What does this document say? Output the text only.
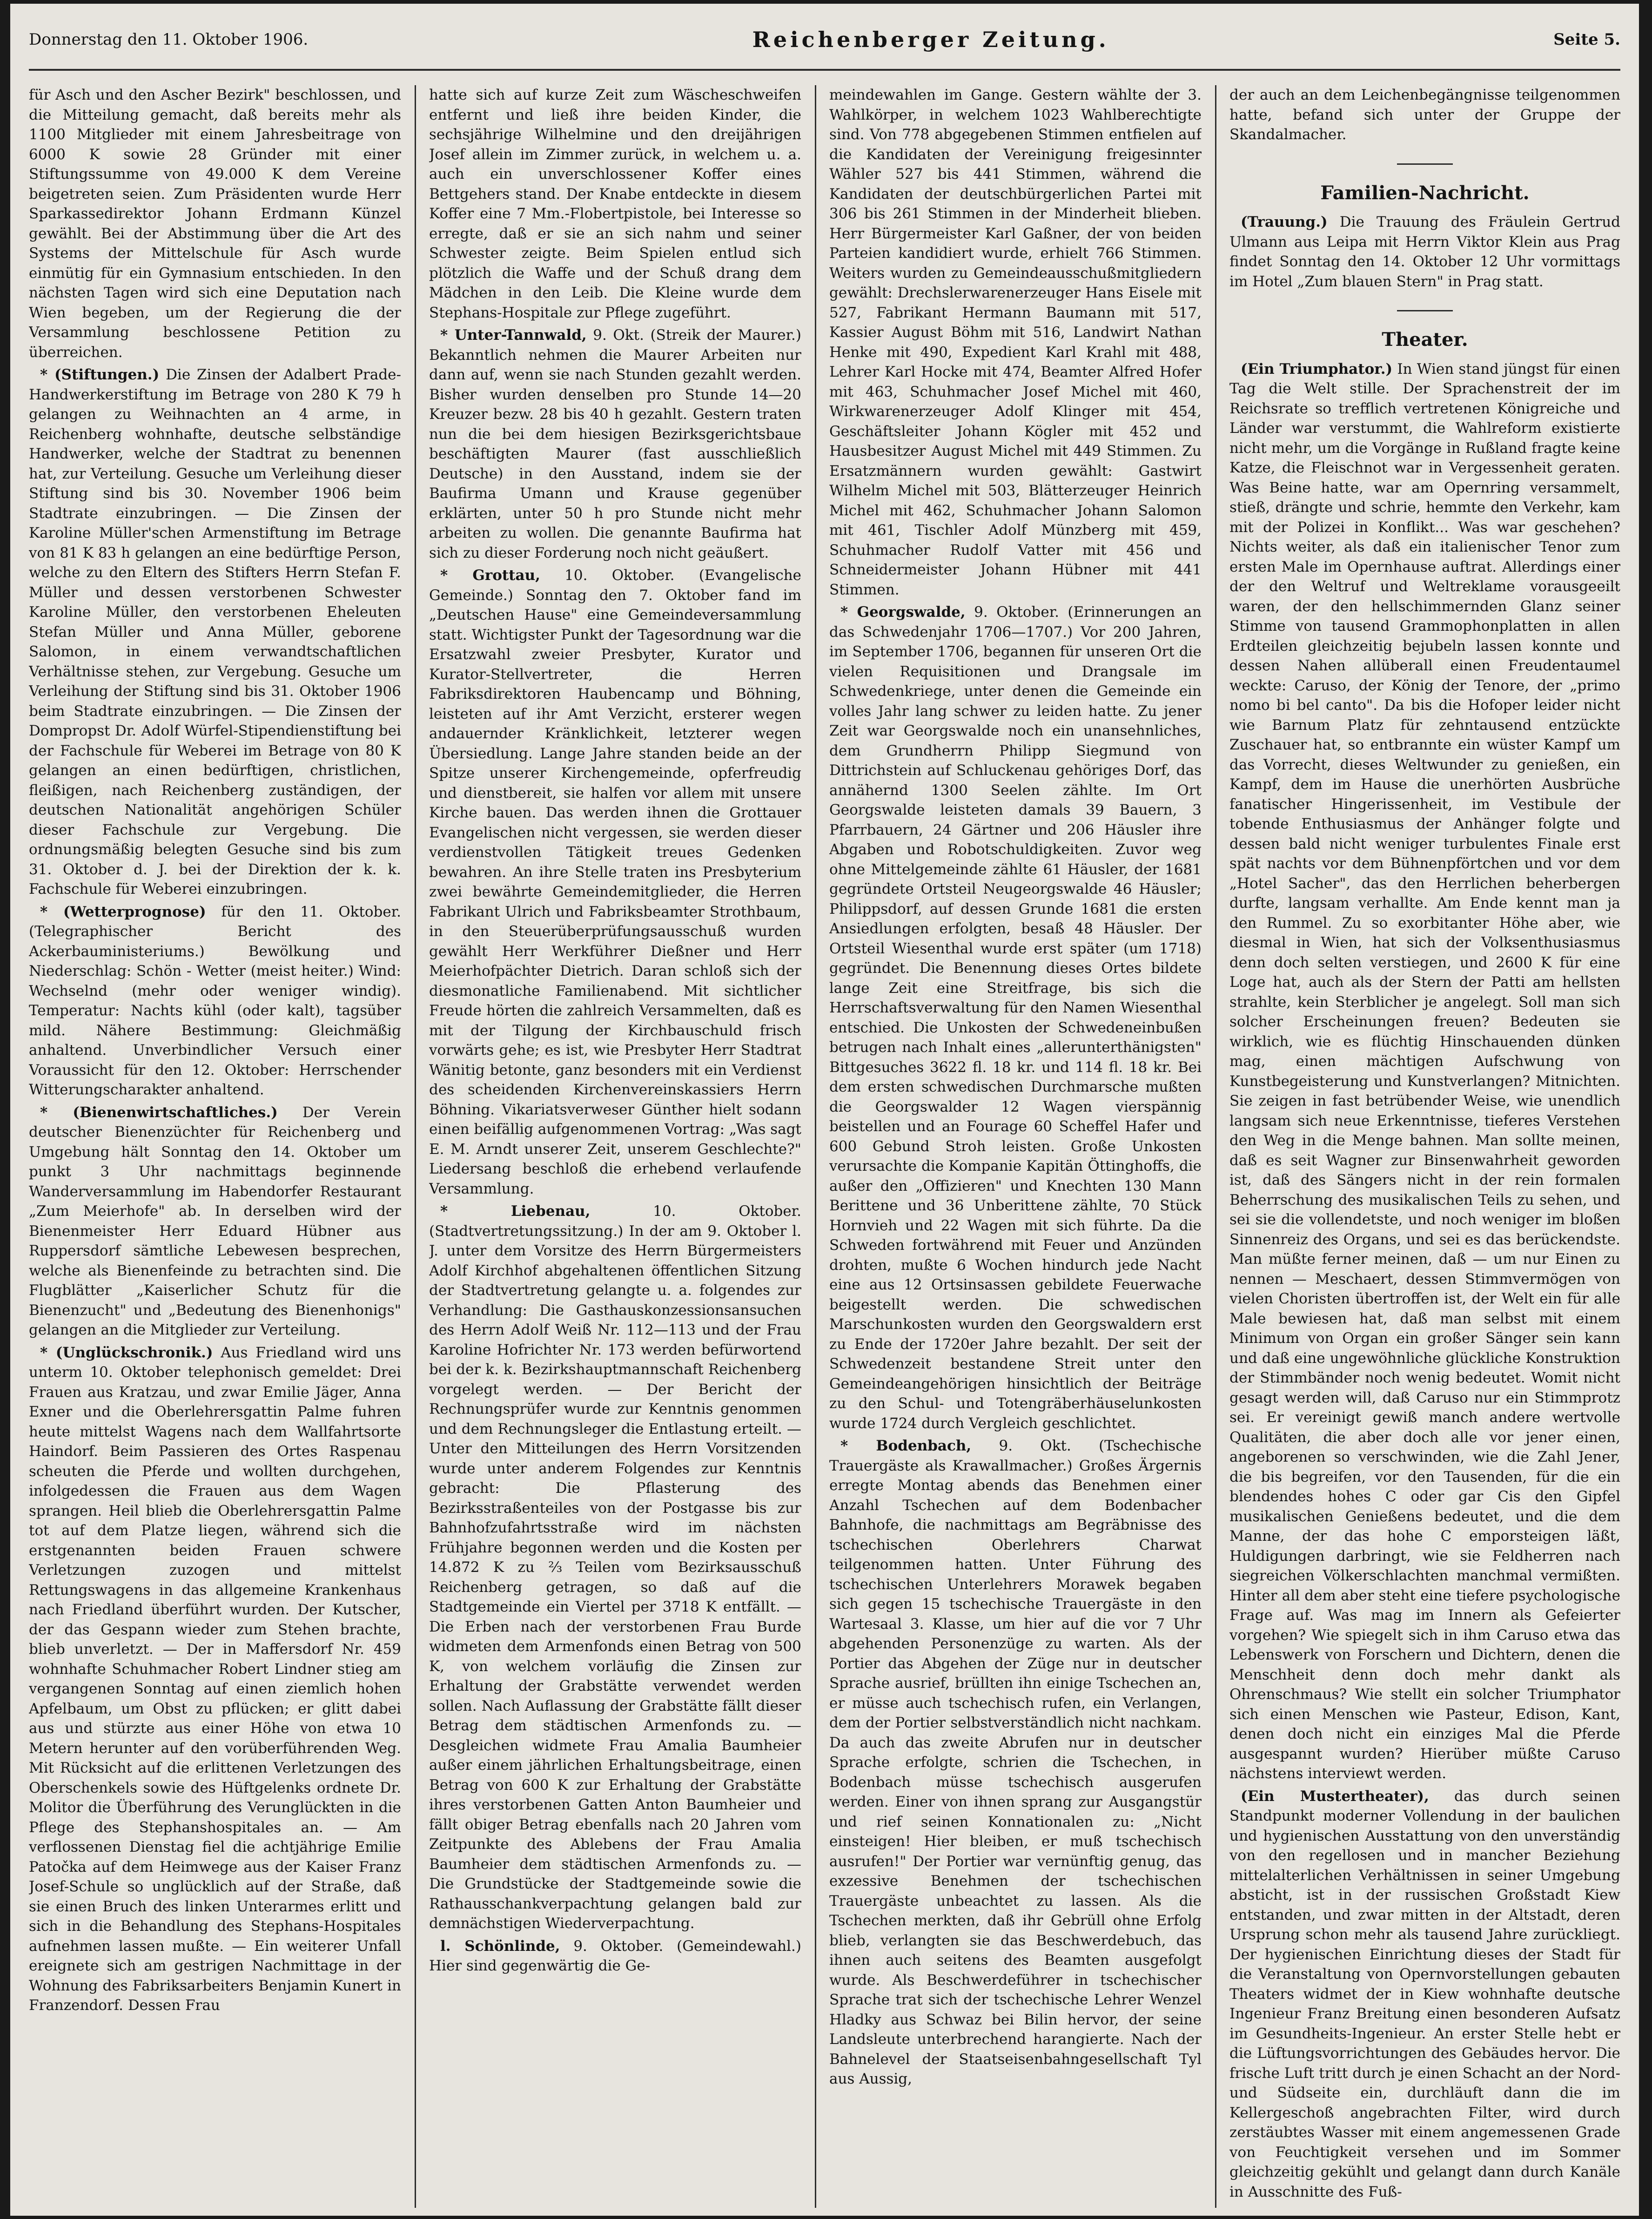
Donnerstag den 11. Oktober 1906.	Reichenberger Zeitung.	Seite 5.

für Asch und den Ascher Bezirk" beschlossen, und die Mitteilung gemacht, daß bereits mehr als 1100 Mitglieder mit einem Jahresbeitrage von 6000 K sowie 28 Gründer mit einer Stiftungssumme von 49.000 K dem Vereine beigetreten seien. Zum Präsidenten wurde Herr Sparkassedirektor Johann Erdmann Künzel gewählt. Bei der Abstimmung über die Art des Systems der Mittelschule für Asch wurde einmütig für ein Gymnasium entschieden. In den nächsten Tagen wird sich eine Deputation nach Wien begeben, um der Regierung die der Versammlung beschlossene Petition zu überreichen.

* (Stiftungen.) Die Zinsen der Adalbert Prade-Handwerkerstiftung im Betrage von 280 K 79 h gelangen zu Weihnachten an 4 arme, in Reichenberg wohnhafte, deutsche selbständige Handwerker, welche der Stadtrat zu benennen hat, zur Verteilung. Gesuche um Verleihung dieser Stiftung sind bis 30. November 1906 beim Stadtrate einzubringen. — Die Zinsen der Karoline Müller'schen Armenstiftung im Betrage von 81 K 83 h gelangen an eine bedürftige Person, welche zu den Eltern des Stifters Herrn Stefan F. Müller und dessen verstorbenen Schwester Karoline Müller, den verstorbenen Eheleuten Stefan Müller und Anna Müller, geborene Salomon, in einem verwandtschaftlichen Verhältnisse stehen, zur Vergebung. Gesuche um Verleihung der Stiftung sind bis 31. Oktober 1906 beim Stadtrate einzubringen. — Die Zinsen der Dompropst Dr. Adolf Würfel-Stipendienstiftung bei der Fachschule für Weberei im Betrage von 80 K gelangen an einen bedürftigen, christlichen, fleißigen, nach Reichenberg zuständigen, der deutschen Nationalität angehörigen Schüler dieser Fachschule zur Vergebung. Die ordnungsmäßig belegten Gesuche sind bis zum 31. Oktober d. J. bei der Direktion der k. k. Fachschule für Weberei einzubringen.

* (Wetterprognose) für den 11. Oktober. (Telegraphischer Bericht des Ackerbauministeriums.) Bewölkung und Niederschlag: Schön - Wetter (meist heiter.) Wind: Wechselnd (mehr oder weniger windig). Temperatur: Nachts kühl (oder kalt), tagsüber mild. Nähere Bestimmung: Gleichmäßig anhaltend. Unverbindlicher Versuch einer Voraussicht für den 12. Oktober: Herrschender Witterungscharakter anhaltend.

* (Bienenwirtschaftliches.) Der Verein deutscher Bienenzüchter für Reichenberg und Umgebung hält Sonntag den 14. Oktober um punkt 3 Uhr nachmittags beginnende Wanderversammlung im Habendorfer Restaurant „Zum Meierhofe" ab. In derselben wird der Bienenmeister Herr Eduard Hübner aus Ruppersdorf sämtliche Lebewesen besprechen, welche als Bienenfeinde zu betrachten sind. Die Flugblätter „Kaiserlicher Schutz für die Bienenzucht" und „Bedeutung des Bienenhonigs" gelangen an die Mitglieder zur Verteilung.

* (Unglückschronik.) Aus Friedland wird uns unterm 10. Oktober telephonisch gemeldet: Drei Frauen aus Kratzau, und zwar Emilie Jäger, Anna Exner und die Oberlehrersgattin Palme fuhren heute mittelst Wagens nach dem Wallfahrtsorte Haindorf. Beim Passieren des Ortes Raspenau scheuten die Pferde und wollten durchgehen, infolgedessen die Frauen aus dem Wagen sprangen. Heil blieb die Oberlehrersgattin Palme tot auf dem Platze liegen, während sich die erstgenannten beiden Frauen schwere Verletzungen zuzogen und mittelst Rettungswagens in das allgemeine Krankenhaus nach Friedland überführt wurden. Der Kutscher, der das Gespann wieder zum Stehen brachte, blieb unverletzt. — Der in Maffersdorf Nr. 459 wohnhafte Schuhmacher Robert Lindner stieg am vergangenen Sonntag auf einen ziemlich hohen Apfelbaum, um Obst zu pflücken; er glitt dabei aus und stürzte aus einer Höhe von etwa 10 Metern herunter auf den vorüberführenden Weg. Mit Rücksicht auf die erlittenen Verletzungen des Oberschenkels sowie des Hüftgelenks ordnete Dr. Molitor die Überführung des Verunglückten in die Pflege des Stephanshospitales an. — Am verflossenen Dienstag fiel die achtjährige Emilie Patočka auf dem Heimwege aus der Kaiser Franz Josef-Schule so unglücklich auf der Straße, daß sie einen Bruch des linken Unterarmes erlitt und sich in die Behandlung des Stephans-Hospitales aufnehmen lassen mußte. — Ein weiterer Unfall ereignete sich am gestrigen Nachmittage in der Wohnung des Fabriksarbeiters Benjamin Kunert in Franzendorf. Dessen Frau

hatte sich auf kurze Zeit zum Wäscheschweifen entfernt und ließ ihre beiden Kinder, die sechsjährige Wilhelmine und den dreijährigen Josef allein im Zimmer zurück, in welchem u. a. auch ein unverschlossener Koffer eines Bettgehers stand. Der Knabe entdeckte in diesem Koffer eine 7 Mm.-Flobertpistole, bei Interesse so erregte, daß er sie an sich nahm und seiner Schwester zeigte. Beim Spielen entlud sich plötzlich die Waffe und der Schuß drang dem Mädchen in den Leib. Die Kleine wurde dem Stephans-Hospitale zur Pflege zugeführt.

* Unter-Tannwald, 9. Okt. (Streik der Maurer.) Bekanntlich nehmen die Maurer Arbeiten nur dann auf, wenn sie nach Stunden gezahlt werden. Bisher wurden denselben pro Stunde 14—20 Kreuzer bezw. 28 bis 40 h gezahlt. Gestern traten nun die bei dem hiesigen Bezirksgerichtsbaue beschäftigten Maurer (fast ausschließlich Deutsche) in den Ausstand, indem sie der Baufirma Umann und Krause gegenüber erklärten, unter 50 h pro Stunde nicht mehr arbeiten zu wollen. Die genannte Baufirma hat sich zu dieser Forderung noch nicht geäußert.

* Grottau, 10. Oktober. (Evangelische Gemeinde.) Sonntag den 7. Oktober fand im „Deutschen Hause" eine Gemeindeversammlung statt. Wichtigster Punkt der Tagesordnung war die Ersatzwahl zweier Presbyter, Kurator und Kurator-Stellvertreter, die Herren Fabriksdirektoren Haubencamp und Böhning, leisteten auf ihr Amt Verzicht, ersterer wegen andauernder Kränklichkeit, letzterer wegen Übersiedlung. Lange Jahre standen beide an der Spitze unserer Kirchengemeinde, opferfreudig und dienstbereit, sie halfen vor allem mit unsere Kirche bauen. Das werden ihnen die Grottauer Evangelischen nicht vergessen, sie werden dieser verdienstvollen Tätigkeit treues Gedenken bewahren. An ihre Stelle traten ins Presbyterium zwei bewährte Gemeindemitglieder, die Herren Fabrikant Ulrich und Fabriksbeamter Strothbaum, in den Steuerüberprüfungsausschuß wurden gewählt Herr Werkführer Dießner und Herr Meierhofpächter Dietrich. Daran schloß sich der diesmonatliche Familienabend. Mit sichtlicher Freude hörten die zahlreich Versammelten, daß es mit der Tilgung der Kirchbauschuld frisch vorwärts gehe; es ist, wie Presbyter Herr Stadtrat Wänitig betonte, ganz besonders mit ein Verdienst des scheidenden Kirchenvereinskassiers Herrn Böhning. Vikariatsverweser Günther hielt sodann einen beifällig aufgenommenen Vortrag: „Was sagt E. M. Arndt unserer Zeit, unserem Geschlechte?" Liedersang beschloß die erhebend verlaufende Versammlung.

* Liebenau,	10. Oktober. (Stadtvertretungssitzung.) In der am 9. Oktober l. J. unter dem Vorsitze des Herrn Bürgermeisters Adolf Kirchhof abgehaltenen öffentlichen Sitzung der Stadtvertretung gelangte u. a. folgendes zur Verhandlung: Die Gasthauskonzessionsansuchen des Herrn Adolf Weiß Nr. 112—113 und der Frau Karoline Hofrichter Nr. 173 werden befürwortend bei der k. k. Bezirkshauptmannschaft Reichenberg vorgelegt werden. — Der Bericht der Rechnungsprüfer wurde zur Kenntnis genommen und dem Rechnungsleger die Entlastung erteilt. — Unter den Mitteilungen des Herrn Vorsitzenden wurde unter anderem Folgendes zur Kenntnis gebracht: Die Pflasterung des Bezirksstraßenteiles von der Postgasse bis zur Bahnhofzufahrtsstraße wird im nächsten Frühjahre begonnen werden und die Kosten per 14.872 K zu ⅔ Teilen vom Bezirksausschuß Reichenberg getragen, so daß auf die Stadtgemeinde ein Viertel per 3718 K entfällt. — Die Erben nach der verstorbenen Frau Burde widmeten dem Armenfonds einen Betrag von 500 K, von welchem vorläufig die Zinsen zur Erhaltung der Grabstätte verwendet werden sollen. Nach Auflassung der Grabstätte fällt dieser Betrag dem städtischen Armenfonds zu. — Desgleichen widmete Frau Amalia Baumheier außer einem jährlichen Erhaltungsbeitrage, einen Betrag von 600 K zur Erhaltung der Grabstätte ihres verstorbenen Gatten Anton Baumheier und fällt obiger Betrag ebenfalls nach 20 Jahren vom Zeitpunkte des Ablebens der Frau Amalia Baumheier dem städtischen Armenfonds zu. — Die Grundstücke der Stadtgemeinde sowie die Rathausschankverpachtung gelangen bald zur demnächstigen Wiederverpachtung.

l. Schönlinde, 9. Oktober. (Gemeindewahl.) Hier sind gegenwärtig die Ge-

meindewahlen im Gange. Gestern wählte der 3. Wahlkörper, in welchem 1023 Wahlberechtigte sind. Von 778 abgegebenen Stimmen entfielen auf die Kandidaten der Vereinigung freigesinnter Wähler 527 bis 441 Stimmen, während die Kandidaten der deutschbürgerlichen Partei mit 306 bis 261 Stimmen in der Minderheit blieben. Herr Bürgermeister Karl Gaßner, der von beiden Parteien kandidiert wurde, erhielt 766 Stimmen. Weiters wurden zu Gemeindeausschußmitgliedern gewählt: Drechslerwarenerzeuger Hans Eisele mit 527, Fabrikant Hermann Baumann mit 517, Kassier August Böhm mit 516, Landwirt Nathan Henke mit 490, Expedient Karl Krahl mit 488, Lehrer Karl Hocke mit 474, Beamter Alfred Hofer mit 463, Schuhmacher Josef Michel mit 460, Wirkwarenerzeuger Adolf Klinger mit 454, Geschäftsleiter Johann Kögler mit 452 und Hausbesitzer August Michel mit 449 Stimmen. Zu Ersatzmännern wurden gewählt: Gastwirt Wilhelm Michel mit 503, Blätterzeuger Heinrich Michel mit 462, Schuhmacher Johann Salomon mit 461, Tischler Adolf Münzberg mit 459, Schuhmacher Rudolf Vatter mit 456 und Schneidermeister Johann Hübner mit 441 Stimmen.

* Georgswalde, 9. Oktober. (Erinnerungen an das Schwedenjahr 1706—1707.) Vor 200 Jahren, im September 1706, begannen für unseren Ort die vielen Requisitionen und Drangsale im Schwedenkriege, unter denen die Gemeinde ein volles Jahr lang schwer zu leiden hatte. Zu jener Zeit war Georgswalde noch ein unansehnliches, dem Grundherrn Philipp Siegmund von Dittrichstein auf Schluckenau gehöriges Dorf, das annähernd 1300 Seelen zählte. Im Ort Georgswalde leisteten damals 39 Bauern, 3 Pfarrbauern, 24 Gärtner und 206 Häusler ihre Abgaben und Robotschuldigkeiten. Zuvor weg ohne Mittelgemeinde zählte 61 Häusler, der 1681 gegründete Ortsteil Neugeorgswalde 46 Häusler; Philippsdorf, auf dessen Grunde 1681 die ersten Ansiedlungen erfolgten, besaß 48 Häusler. Der Ortsteil Wiesenthal wurde erst später (um 1718) gegründet. Die Benennung dieses Ortes bildete lange Zeit eine Streitfrage, bis sich die Herrschaftsverwaltung für den Namen Wiesenthal entschied. Die Unkosten der Schwedeneinbußen betrugen nach Inhalt eines „allerunterthänigsten" Bittgesuches 3622 fl. 18 kr. und 114 fl. 18 kr. Bei dem ersten schwedischen Durchmarsche mußten die Georgswalder 12 Wagen vierspännig beistellen und an Fourage 60 Scheffel Hafer und 600 Gebund Stroh leisten. Große Unkosten verursachte die Kompanie Kapitän Öttinghoffs, die außer den „Offizieren" und Knechten 130 Mann Berittene und 36 Unberittene zählte, 70 Stück Hornvieh und 22 Wagen mit sich führte. Da die Schweden fortwährend mit Feuer und Anzünden drohten, mußte 6 Wochen hindurch jede Nacht eine aus 12 Ortsinsassen gebildete Feuerwache beigestellt werden. Die schwedischen Marschunkosten wurden den Georgswaldern erst zu Ende der 1720er Jahre bezahlt. Der seit der Schwedenzeit bestandene Streit unter den Gemeindeangehörigen hinsichtlich der Beiträge zu den Schul- und Totengräberhäuselunkosten wurde 1724 durch Vergleich geschlichtet.

* Bodenbach, 9. Okt. (Tschechische Trauergäste als Krawallmacher.) Großes Ärgernis erregte Montag abends das Benehmen einer Anzahl Tschechen auf dem Bodenbacher Bahnhofe, die nachmittags am Begräbnisse des tschechischen Oberlehrers Charwat teilgenommen hatten. Unter Führung des tschechischen Unterlehrers Morawek begaben sich gegen 15 tschechische Trauergäste in den Wartesaal 3. Klasse, um hier auf die vor 7 Uhr abgehenden Personenzüge zu warten. Als der Portier das Abgehen der Züge nur in deutscher Sprache ausrief, brüllten ihn einige Tschechen an, er müsse auch tschechisch rufen, ein Verlangen, dem der Portier selbstverständlich nicht nachkam. Da auch das zweite Abrufen nur in deutscher Sprache erfolgte, schrien die Tschechen, in Bodenbach müsse tschechisch ausgerufen werden. Einer von ihnen sprang zur Ausgangstür und rief seinen Konnationalen zu: „Nicht einsteigen! Hier bleiben, er muß tschechisch ausrufen!" Der Portier war vernünftig genug, das exzessive Benehmen der tschechischen Trauergäste unbeachtet zu lassen. Als die Tschechen merkten, daß ihr Gebrüll ohne Erfolg blieb, verlangten sie das Beschwerdebuch, das ihnen auch seitens des Beamten ausgefolgt wurde. Als Beschwerdeführer in tschechischer Sprache trat sich der tschechische Lehrer Wenzel Hladky aus Schwaz bei Bilin hervor, der seine Landsleute unterbrechend harangierte. Nach der Bahnelevel der Staatseisenbahngesellschaft Tyl aus Aussig,

der auch an dem Leichenbegängnisse teilgenommen hatte, befand sich unter der Gruppe der Skandalmacher.

Familien-Nachricht.

(Trauung.) Die Trauung des Fräulein Gertrud Ulmann aus Leipa mit Herrn Viktor Klein aus Prag findet Sonntag den 14. Oktober 12 Uhr vormittags im Hotel „Zum blauen Stern" in Prag statt.

Theater.

(Ein Triumphator.) In Wien stand jüngst für einen Tag die Welt stille. Der Sprachenstreit der im Reichsrate so trefflich vertretenen Königreiche und Länder war verstummt, die Wahlreform existierte nicht mehr, um die Vorgänge in Rußland fragte keine Katze, die Fleischnot war in Vergessenheit geraten. Was Beine hatte, war am Opernring versammelt, stieß, drängte und schrie, hemmte den Verkehr, kam mit der Polizei in Konflikt... Was war geschehen? Nichts weiter, als daß ein italienischer Tenor zum ersten Male im Opernhause auftrat. Allerdings einer der den Weltruf und Weltreklame vorausgeeilt waren, der den hellschimmernden Glanz seiner Stimme von tausend Grammophonplatten in allen Erdteilen gleichzeitig bejubeln lassen konnte und dessen Nahen allüberall einen Freudentaumel weckte: Caruso, der König der Tenore, der „primo nomo bi bel canto". Da bis die Hofoper leider nicht wie Barnum Platz für zehntausend entzückte Zuschauer hat, so entbrannte ein wüster Kampf um das Vorrecht, dieses Weltwunder zu genießen, ein Kampf, dem im Hause die unerhörten Ausbrüche fanatischer Hingerissenheit, im Vestibule der tobende Enthusiasmus der Anhänger folgte und dessen bald nicht weniger turbulentes Finale erst spät nachts vor dem Bühnenpförtchen und vor dem „Hotel Sacher", das den Herrlichen beherbergen durfte, langsam verhallte. Am Ende kennt man ja den Rummel. Zu so exorbitanter Höhe aber, wie diesmal in Wien, hat sich der Volksenthusiasmus denn doch selten verstiegen, und 2600 K für eine Loge hat, auch als der Stern der Patti am hellsten strahlte, kein Sterblicher je angelegt. Soll man sich solcher Erscheinungen freuen? Bedeuten sie wirklich, wie es flüchtig Hinschauenden dünken mag, einen mächtigen Aufschwung von Kunstbegeisterung und Kunstverlangen? Mitnichten. Sie zeigen in fast betrübender Weise, wie unendlich langsam sich neue Erkenntnisse, tieferes Verstehen den Weg in die Menge bahnen. Man sollte meinen, daß es seit Wagner zur Binsenwahrheit geworden ist, daß des Sängers nicht in der rein formalen Beherrschung des musikalischen Teils zu sehen, und sei sie die vollendetste, und noch weniger im bloßen Sinnenreiz des Organs, und sei es das berückendste. Man müßte ferner meinen, daß — um nur Einen zu nennen — Meschaert, dessen Stimmvermögen von vielen Choristen übertroffen ist, der Welt ein für alle Male bewiesen hat, daß man selbst mit einem Minimum von Organ ein großer Sänger sein kann und daß eine ungewöhnliche glückliche Konstruktion der Stimmbänder noch wenig bedeutet. Womit nicht gesagt werden will, daß Caruso nur ein Stimmprotz sei. Er vereinigt gewiß manch andere wertvolle Qualitäten, die aber doch alle vor jener einen, angeborenen so verschwinden, wie die Zahl Jener, die bis begreifen, vor den Tausenden, für die ein blendendes hohes C oder gar Cis den Gipfel musikalischen Genießens bedeutet, und die dem Manne, der das hohe C emporsteigen läßt, Huldigungen darbringt, wie sie Feldherren nach siegreichen Völkerschlachten manchmal vermißten. Hinter all dem aber steht eine tiefere psychologische Frage auf. Was mag im Innern als Gefeierter vorgehen? Wie spiegelt sich in ihm Caruso etwa das Lebenswerk von Forschern und Dichtern, denen die Menschheit denn doch mehr dankt als Ohrenschmaus? Wie stellt ein solcher Triumphator sich einen Menschen wie Pasteur, Edison, Kant, denen doch nicht ein einziges Mal die Pferde ausgespannt wurden? Hierüber müßte Caruso nächstens interviewt werden.

(Ein Mustertheater), das durch seinen Standpunkt moderner Vollendung in der baulichen und hygienischen Ausstattung von den unverständig von den regellosen und in mancher Beziehung mittelalterlichen Verhältnissen in seiner Umgebung absticht, ist in der russischen Großstadt Kiew entstanden, und zwar mitten in der Altstadt, deren Ursprung schon mehr als tausend Jahre zurückliegt. Der hygienischen Einrichtung dieses der Stadt für die Veranstaltung von Opernvorstellungen gebauten Theaters widmet der in Kiew wohnhafte deutsche Ingenieur Franz Breitung einen besonderen Aufsatz im Gesundheits-Ingenieur. An erster Stelle hebt er die Lüftungsvorrichtungen des Gebäudes hervor. Die frische Luft tritt durch je einen Schacht an der Nord- und Südseite ein, durchläuft dann die im Kellergeschoß angebrachten Filter, wird durch zerstäubtes Wasser mit einem angemessenen Grade von Feuchtigkeit versehen und im Sommer gleichzeitig gekühlt und gelangt dann durch Kanäle in Ausschnitte des Fuß-
